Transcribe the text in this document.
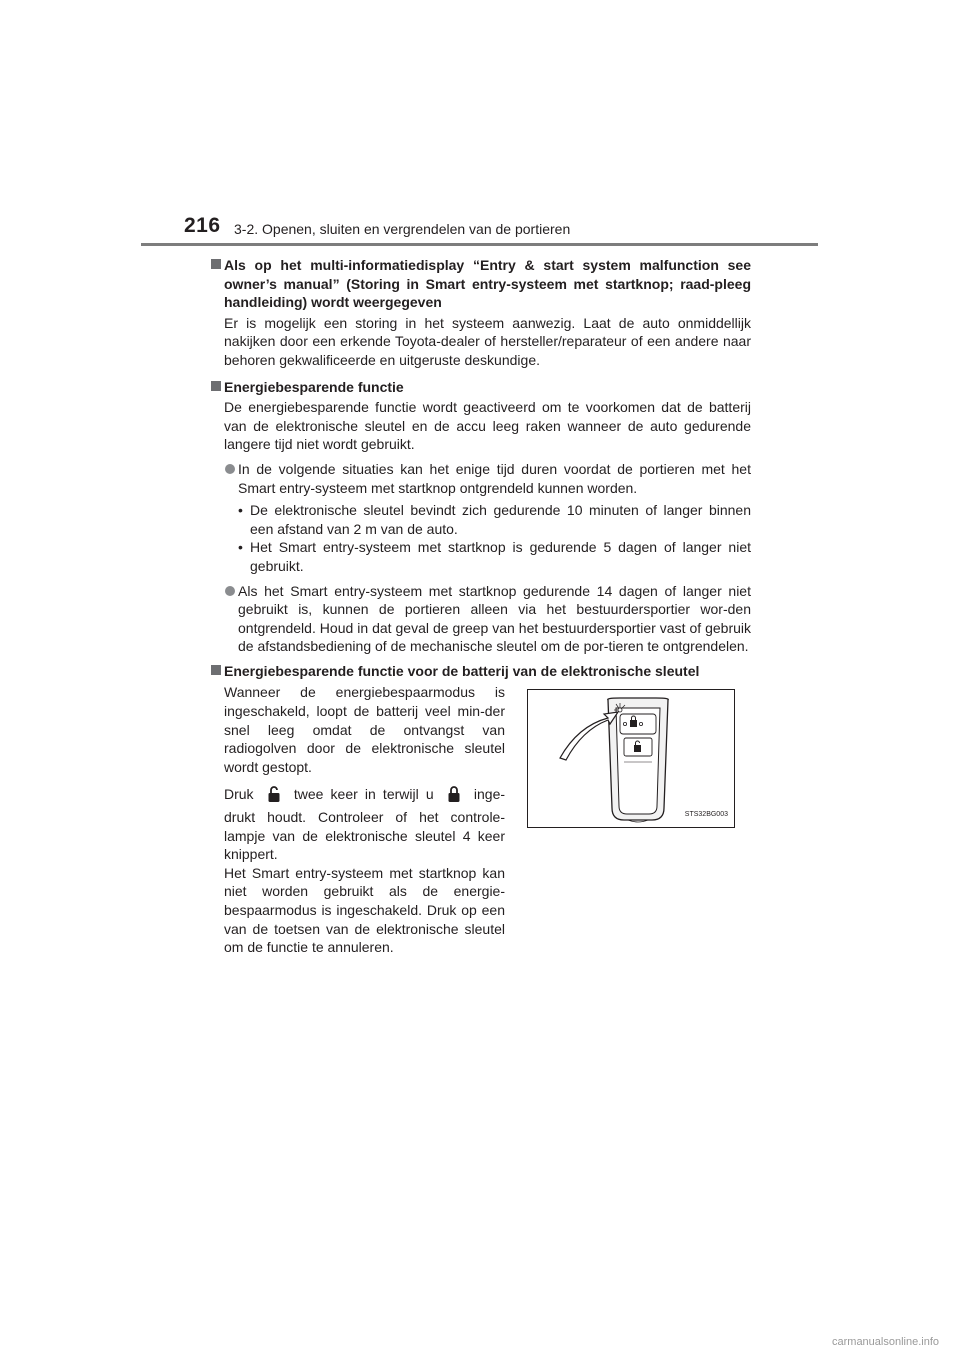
216 3-2. Openen, sluiten en vergrendelen van de portieren
Als op het multi-informatiedisplay “Entry & start system malfunction see owner’s manual” (Storing in Smart entry-systeem met startknop; raad-pleeg handleiding) wordt weergegeven
Er is mogelijk een storing in het systeem aanwezig. Laat de auto onmiddellijk nakijken door een erkende Toyota-dealer of hersteller/reparateur of een andere naar behoren gekwalificeerde en uitgeruste deskundige.
Energiebesparende functie
De energiebesparende functie wordt geactiveerd om te voorkomen dat de batterij van de elektronische sleutel en de accu leeg raken wanneer de auto gedurende langere tijd niet wordt gebruikt.
In de volgende situaties kan het enige tijd duren voordat de portieren met het Smart entry-systeem met startknop ontgrendeld kunnen worden.
• De elektronische sleutel bevindt zich gedurende 10 minuten of langer binnen een afstand van 2 m van de auto.
• Het Smart entry-systeem met startknop is gedurende 5 dagen of langer niet gebruikt.
Als het Smart entry-systeem met startknop gedurende 14 dagen of langer niet gebruikt is, kunnen de portieren alleen via het bestuurdersportier wor-den ontgrendeld. Houd in dat geval de greep van het bestuurdersportier vast of gebruik de afstandsbediening of de mechanische sleutel om de por-tieren te ontgrendelen.
Energiebesparende functie voor de batterij van de elektronische sleutel

Wanneer de energiebespaarmodus is ingeschakeld, loopt de batterij veel min-der snel leeg omdat de ontvangst van radiogolven door de elektronische sleutel wordt gestopt.

Druk	twee keer in terwijl u	inge-drukt houdt. Controleer of het controle-lampje van de elektronische sleutel 4 keer knippert.

Het Smart entry-systeem met startknop kan niet worden gebruikt als de energie-bespaarmodus is ingeschakeld. Druk op een van de toetsen van de elektronische sleutel om de functie te annuleren.

STS32BG003
carmanualsonline.info
